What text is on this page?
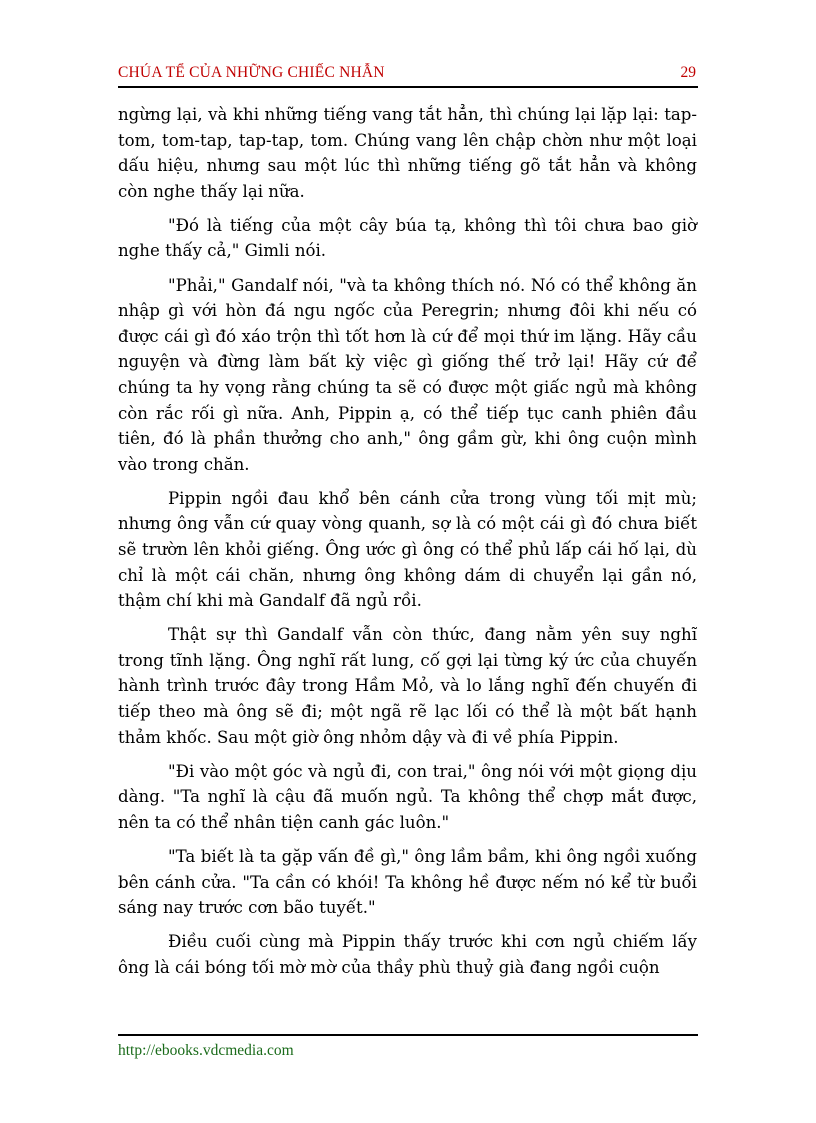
CHÚA TỂ CỦA NHỮNG CHIẾC NHẪN	29

ngừng lại, và khi những tiếng vang tắt hẳn, thì chúng lại lặp lại: tap-tom, tom-tap, tap-tap, tom. Chúng vang lên chập chờn như một loại dấu hiệu, nhưng sau một lúc thì những tiếng gõ tắt hẳn và không còn nghe thấy lại nữa.

"Đó là tiếng của một cây búa tạ, không thì tôi chưa bao giờ nghe thấy cả," Gimli nói.

"Phải," Gandalf nói, "và ta không thích nó. Nó có thể không ăn nhập gì với hòn đá ngu ngốc của Peregrin; nhưng đôi khi nếu có được cái gì đó xáo trộn thì tốt hơn là cứ để mọi thứ im lặng. Hãy cầu nguyện và đừng làm bất kỳ việc gì giống thế trở lại! Hãy cứ để chúng ta hy vọng rằng chúng ta sẽ có được một giấc ngủ mà không còn rắc rối gì nữa. Anh, Pippin ạ, có thể tiếp tục canh phiên đầu tiên, đó là phần thưởng cho anh," ông gầm gừ, khi ông cuộn mình vào trong chăn.

Pippin ngồi đau khổ bên cánh cửa trong vùng tối mịt mù; nhưng ông vẫn cứ quay vòng quanh, sợ là có một cái gì đó chưa biết sẽ trườn lên khỏi giếng. Ông ước gì ông có thể phủ lấp cái hố lại, dù chỉ là một cái chăn, nhưng ông không dám di chuyển lại gần nó, thậm chí khi mà Gandalf đã ngủ rồi.

Thật sự thì Gandalf vẫn còn thức, đang nằm yên suy nghĩ trong tĩnh lặng. Ông nghĩ rất lung, cố gợi lại từng ký ức của chuyến hành trình trước đây trong Hầm Mỏ, và lo lắng nghĩ đến chuyến đi tiếp theo mà ông sẽ đi; một ngã rẽ lạc lối có thể là một bất hạnh thảm khốc. Sau một giờ ông nhỏm dậy và đi về phía Pippin.

"Đi vào một góc và ngủ đi, con trai," ông nói với một giọng dịu dàng. "Ta nghĩ là cậu đã muốn ngủ. Ta không thể chợp mắt được, nên ta có thể nhân tiện canh gác luôn."

"Ta biết là ta gặp vấn đề gì," ông lầm bầm, khi ông ngồi xuống bên cánh cửa. "Ta cần có khói! Ta không hề được nếm nó kể từ buổi sáng nay trước cơn bão tuyết."

Điều cuối cùng mà Pippin thấy trước khi cơn ngủ chiếm lấy ông là cái bóng tối mờ mờ của thầy phù thuỷ già đang ngồi cuộn

http://ebooks.vdcmedia.com
